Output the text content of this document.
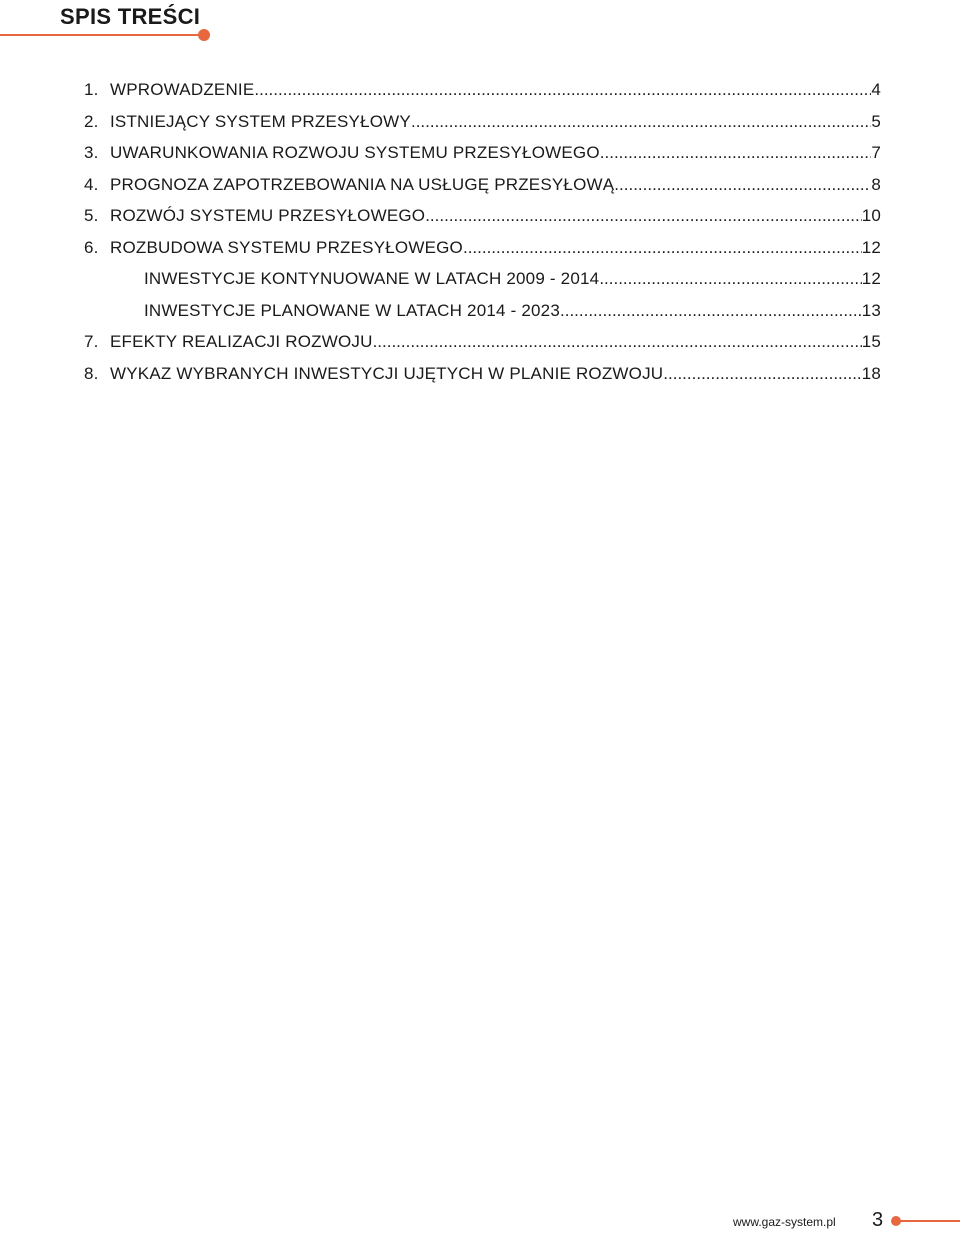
SPIS TREŚCI
1. WPROWADZENIE .....	4
2. ISTNIEJĄCY SYSTEM PRZESYŁOWY .....	5
3. UWARUNKOWANIA ROZWOJU SYSTEMU PRZESYŁOWEGO .....	7
4. PROGNOZA ZAPOTRZEBOWANIA NA USŁUGĘ PRZESYŁOWĄ .....	8
5. ROZWÓJ SYSTEMU PRZESYŁOWEGO .....	10
6. ROZBUDOWA SYSTEMU PRZESYŁOWEGO .....	12
INWESTYCJE KONTYNUOWANE W LATACH 2009 - 2014 .....	12
INWESTYCJE PLANOWANE W LATACH 2014 - 2023 .....	13
7. EFEKTY REALIZACJI ROZWOJU .....	15
8. WYKAZ WYBRANYCH INWESTYCJI UJĘTYCH W PLANIE ROZWOJU .....	18
www.gaz-system.pl 3
